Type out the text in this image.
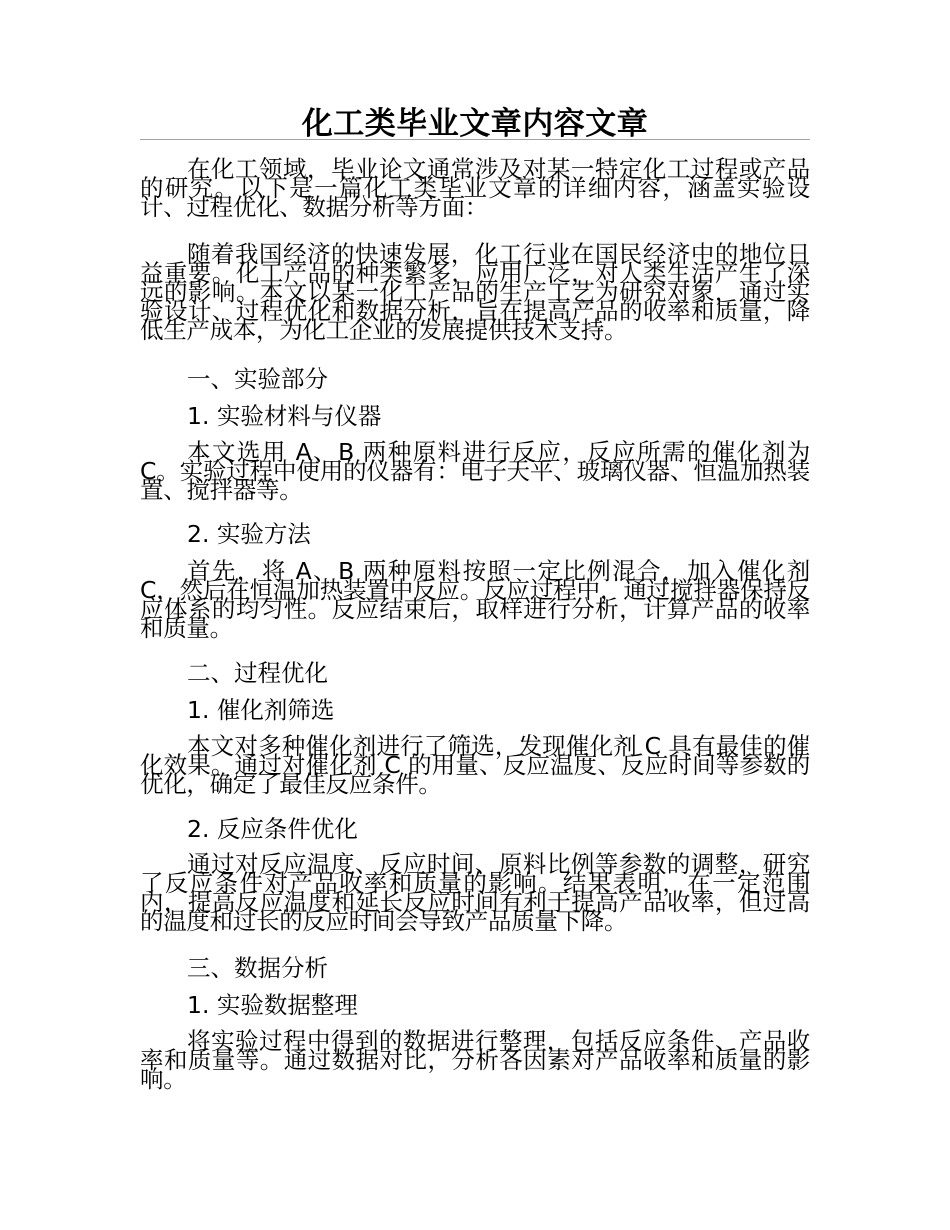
化工类毕业文章内容文章
在化工领域，毕业论文通常涉及对某一特定化工过程或产品的研究。以下是一篇化工类毕业文章的详细内容，涵盖实验设计、过程优化、数据分析等方面：
随着我国经济的快速发展，化工行业在国民经济中的地位日益重要。化工产品的种类繁多，应用广泛，对人类生活产生了深远的影响。本文以某一化工产品的生产工艺为研究对象，通过实验设计、过程优化和数据分析，旨在提高产品的收率和质量，降低生产成本，为化工企业的发展提供技术支持。
一、实验部分
1. 实验材料与仪器
本文选用 A、B 两种原料进行反应，反应所需的催化剂为 C。实验过程中使用的仪器有：电子天平、玻璃仪器、恒温加热装置、搅拌器等。
2. 实验方法
首先，将 A、B 两种原料按照一定比例混合，加入催化剂 C，然后在恒温加热装置中反应。反应过程中，通过搅拌器保持反应体系的均匀性。反应结束后，取样进行分析，计算产品的收率和质量。
二、过程优化
1. 催化剂筛选
本文对多种催化剂进行了筛选，发现催化剂 C 具有最佳的催化效果。通过对催化剂 C 的用量、反应温度、反应时间等参数的优化，确定了最佳反应条件。
2. 反应条件优化
通过对反应温度、反应时间、原料比例等参数的调整，研究了反应条件对产品收率和质量的影响。结果表明，在一定范围内，提高反应温度和延长反应时间有利于提高产品收率，但过高的温度和过长的反应时间会导致产品质量下降。
三、数据分析
1. 实验数据整理
将实验过程中得到的数据进行整理，包括反应条件、产品收率和质量等。通过数据对比，分析各因素对产品收率和质量的影响。
